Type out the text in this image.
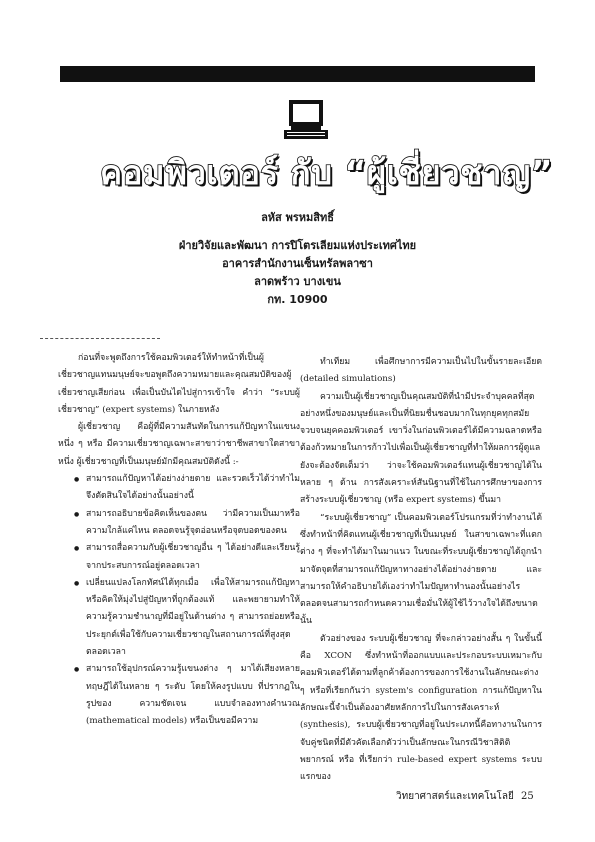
คอมพิวเตอร์ กับ “ผู้เชี่ยวชาญ”
ลหัส พรหมสิทธิ์
ฝ่ายวิจัยและพัฒนา การปิโตรเลียมแห่งประเทศไทย
อาคารสำนักงานเซ็นทรัลพลาซา
ลาดพร้าว บางเขน
กท. 10900

ก่อนที่จะพูดถึงการใช้คอมพิวเตอร์ให้ทำหน้าที่เป็นผู้เชี่ยวชาญแทนมนุษย์จะขอพูดถึงความหมายและคุณสมบัติของผู้เชี่ยวชาญเสียก่อน เพื่อเป็นบันไดไปสู่การเข้าใจ คำว่า “ระบบผู้เชี่ยวชาญ” (expert systems) ในภายหลัง

ผู้เชี่ยวชาญ คือผู้ที่มีความสันทัดในการแก้ปัญหาในแขนงหนึ่ง ๆ หรือ มีความเชี่ยวชาญเฉพาะสาขาว่าชาชีพสาขาใดสาขาหนึ่ง ผู้เชี่ยวชาญที่เป็นมนุษย์มักมีคุณสมบัติดังนี้ :-

● สามารถแก้ปัญหาได้อย่างง่ายดาย และรวดเร็วได้ว่าทำไมจึงตัดสินใจได้อย่างนั้นอย่างนี้
● สามารถอธิบายข้อคิดเห็นของตน ว่ามีความเป็นมาหรือความใกล้แค่ไหน ตลอดจนรู้จุดอ่อนหรือจุดบอดของตน
● สามารถสื่อความกับผู้เชี่ยวชาญอื่น ๆ ได้อย่างดีและเรียนรู้จากประสบการณ์อยู่ตลอดเวลา
● เปลี่ยนแปลงโลกทัศน์ได้ทุกเมื่อ เพื่อให้สามารถแก้ปัญหาหรือคิดให้มุ่งไปสู่ปัญหาที่ถูกต้องแท้ และพยายามทำให้ความรู้ความชำนาญที่มีอยู่ในด้านต่าง ๆ สามารถย่อยหรือประยุกต์เพื่อใช้กับความเชี่ยวชาญในสถานการณ์ที่สูงสุดตลอดเวลา
● สามารถใช้อุปกรณ์ความรู้แขนงต่าง ๆ มาได้เสียงหลายทฤษฎีได้ในหลาย ๆ ระดับ โดยให้คงรูปแบบ ที่ปรากฏในรูปของ ความชัดเจน แบบจำลองทางคำนวณ (mathematical models) หรือเป็นขอมีความ

ทำเทียม เพื่อศึกษาการมีความเป็นไปในขั้นรายละเอียด (detailed simulations)

ความเป็นผู้เชี่ยวชาญเป็นคุณสมบัติที่นำมีประจำบุคคลที่สุดอย่างหนึ่งของมนุษย์และเป็นที่นิยมชื่นชอบมากในทุกยุคทุกสมัย จวบจนยุคคอมพิวเตอร์ เขาวิ่งในก่อนพิวเตอร์ได้มีความฉลาดหรือต้องก้วหมายในการก้าวไปเพื่อเป็นผู้เชี่ยวชาญที่ทำให้ผลการผู้ดูแลยังจะต้องจัดเต็มว่า ว่าจะใช้คอมพิวเตอร์แทนผู้เชี่ยวชาญได้ในหลาย ๆ ด้าน การสังเคราะห์สันนิฐานที่ใช้ในการศึกษาของการสร้างระบบผู้เชี่ยวชาญ (หรือ expert systems) ขึ้นมา

“ระบบผู้เชี่ยวชาญ” เป็นคอมพิวเตอร์โปรแกรมที่ว่าทำงานได้ ซึ่งทำหน้าที่คิดแทนผู้เชี่ยวชาญที่เป็นมนุษย์ ในสาขาเฉพาะที่แตกต่าง ๆ ที่จะทำได้มาในมาแนว ในขณะที่ระบบผู้เชี่ยวชาญได้ถูกนำมาจัดจุดที่สามารถแก้ปัญหาทางอย่างได้อย่างง่ายดาย และสามารถให้คำอธิบายได้เองว่าทำไมปัญหาทำนองนั้นอย่างไร ตลอดจนสามารถกำหนดความเชื่อมั่นให้ผู้ใช้ไว้วางใจได้ถึงขนาดนั้น

ตัวอย่างของ ระบบผู้เชี่ยวชาญ ที่จะกล่าวอย่างสั้น ๆ ในขั้นนี้คือ XCON ซึ่งทำหน้าที่ออกแบบและประกอบระบบเหมาะกับคอมพิวเตอร์ได้ตามที่ลูกค้าต้องการของการใช้งานในลักษณะต่าง ๆ หรือที่เรียกกันว่า system's configuration การแก้ปัญหาในลักษณะนี้จำเป็นต้องอาศัยหลักการไปในการสังเคราะห์ (synthesis), ระบบผู้เชี่ยวชาญที่อยู่ในประเภทนี้คือทางานในการจับคู่ชนิดที่มีตัวคัดเลือกตัวว่าเป็นลักษณะในกรณีวิชาสิติติพยากรณ์ หรือ ที่เรียกว่า rule-based expert systems ระบบแรกของ

วิทยาศาสตร์และเทคโนโลยี 25
